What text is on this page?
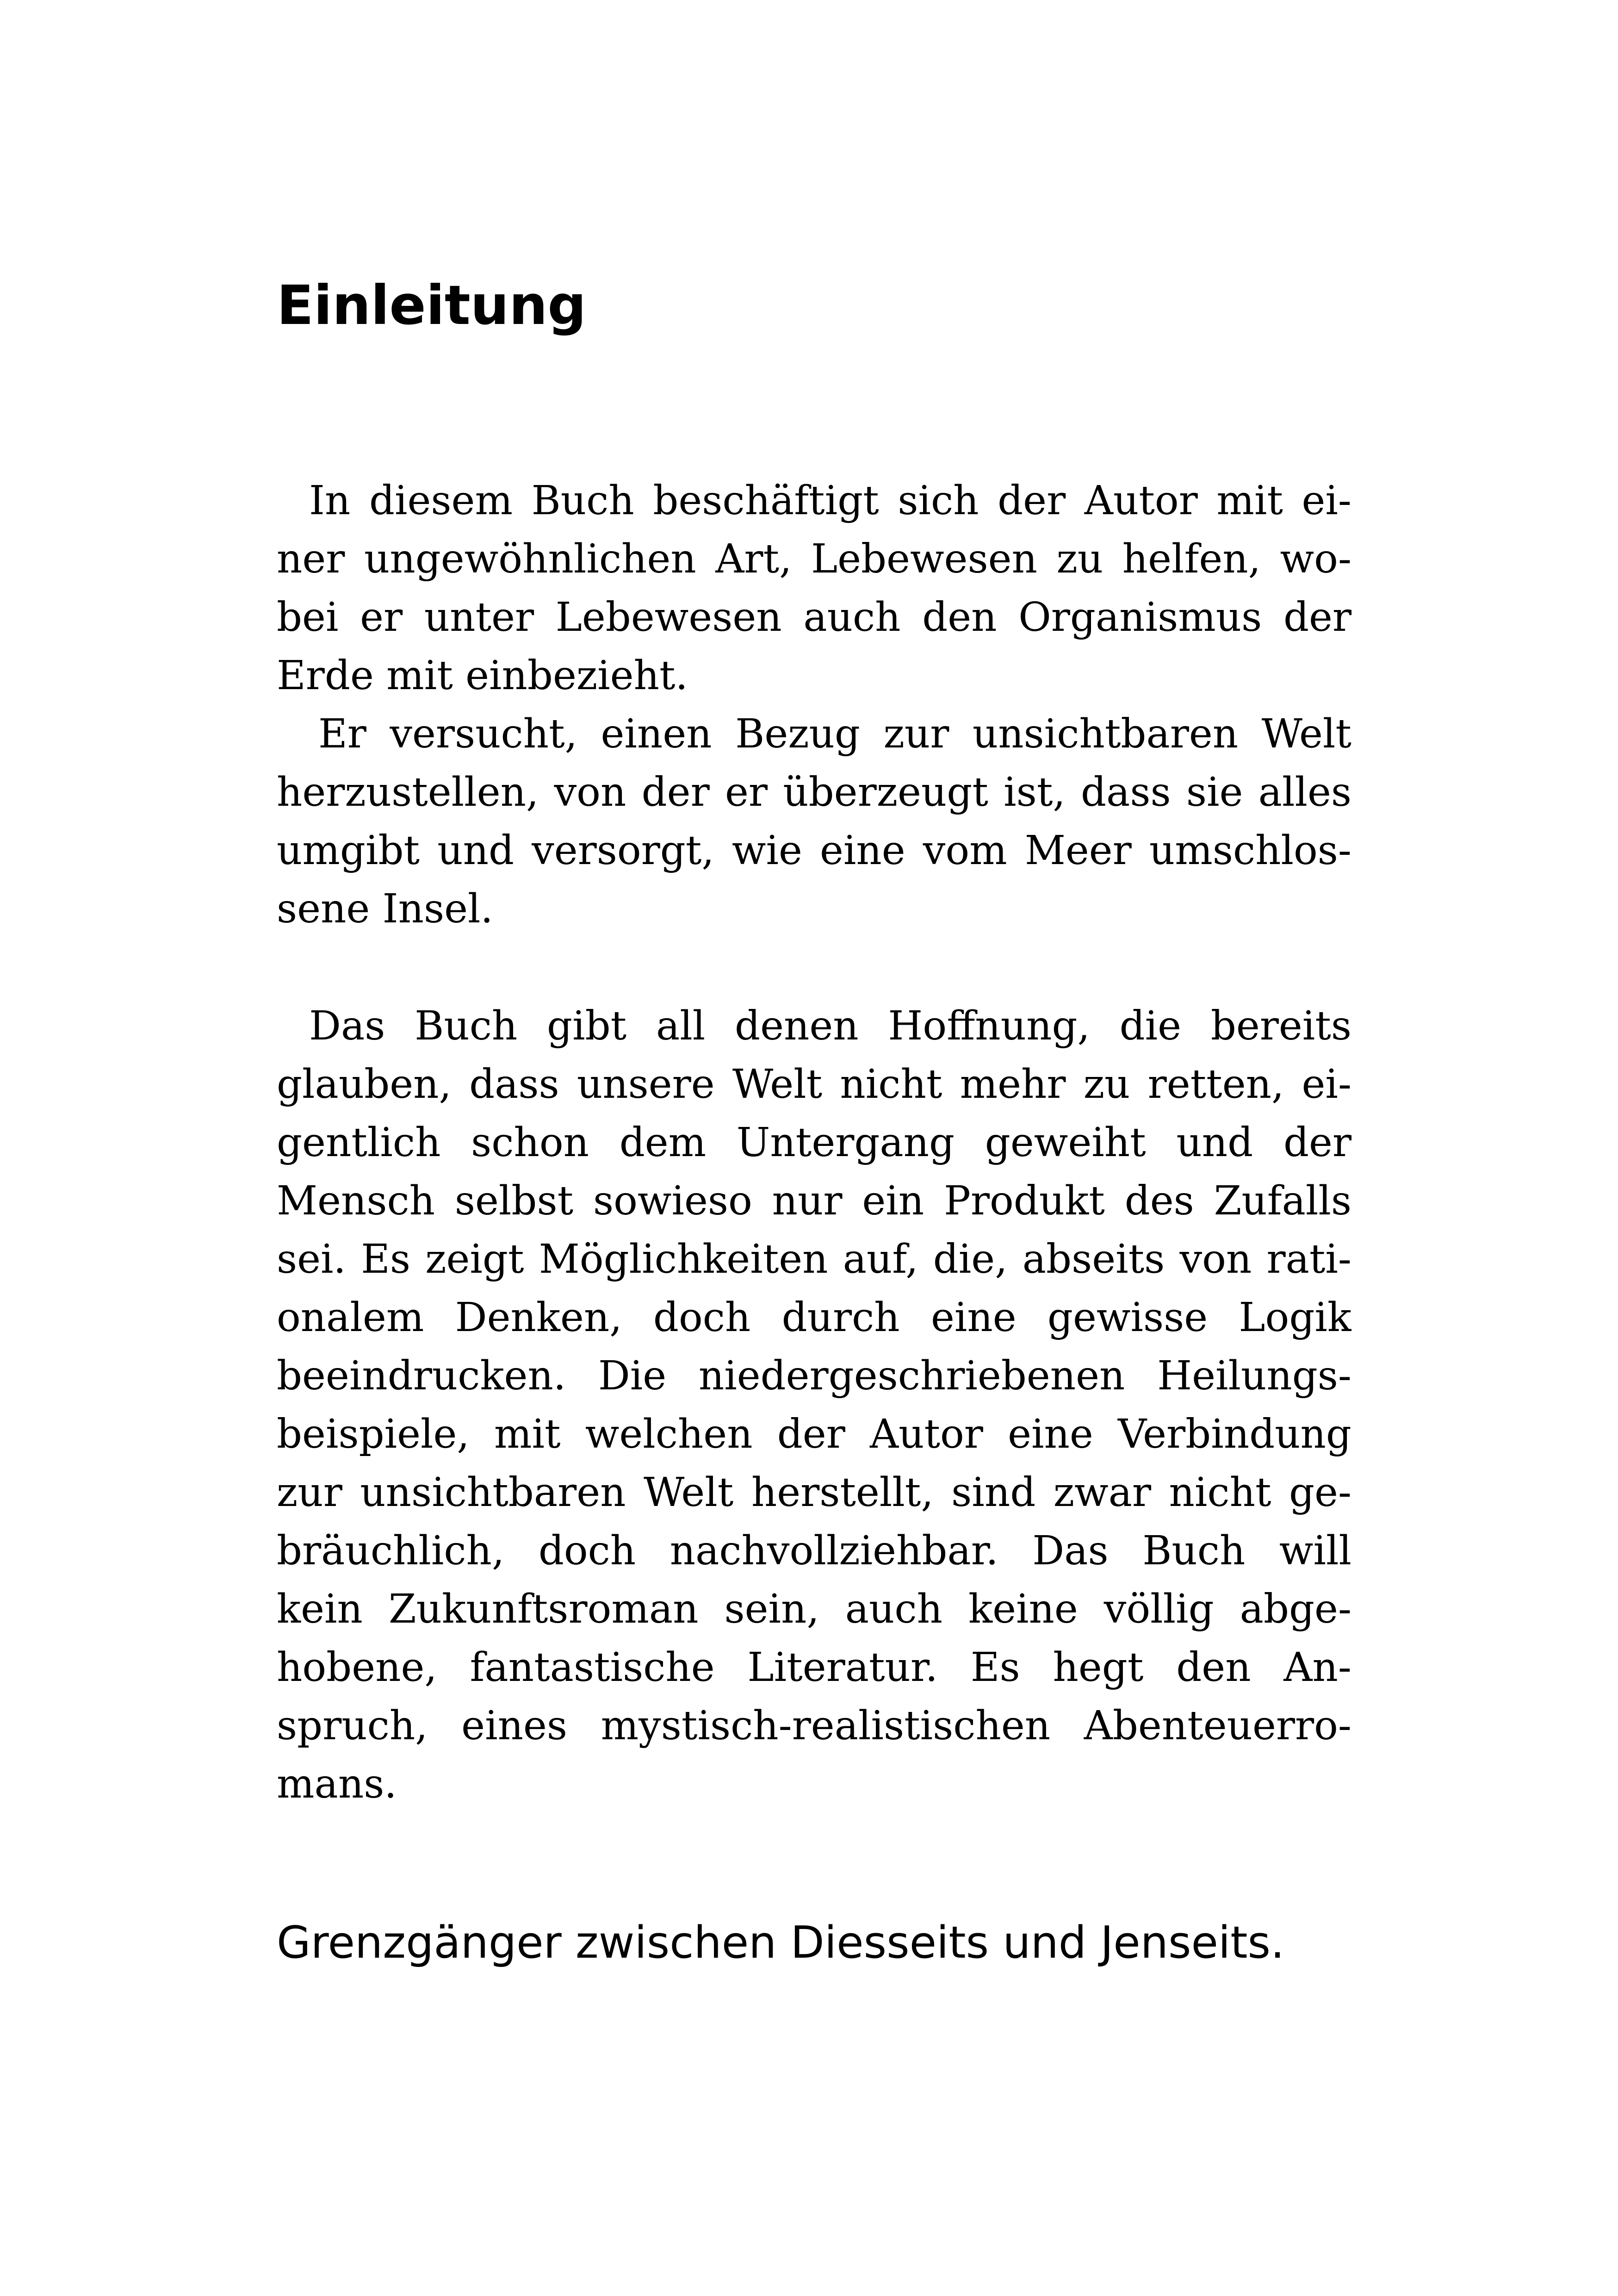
Einleitung

In diesem Buch beschäftigt sich der Autor mit ei-

ner ungewöhnlichen Art, Lebewesen zu helfen, wo-

bei er unter Lebewesen auch den Organismus der

Erde mit einbezieht.

Er versucht, einen Bezug zur unsichtbaren Welt

herzustellen, von der er überzeugt ist, dass sie alles

umgibt und versorgt, wie eine vom Meer umschlos-

sene Insel.

Das Buch gibt all denen Hoffnung, die bereits

glauben, dass unsere Welt nicht mehr zu retten, ei-

gentlich schon dem Untergang geweiht und der

Mensch selbst sowieso nur ein Produkt des Zufalls

sei. Es zeigt Möglichkeiten auf, die, abseits von rati-

onalem Denken, doch durch eine gewisse Logik

beeindrucken. Die niedergeschriebenen Heilungs-

beispiele, mit welchen der Autor eine Verbindung

zur unsichtbaren Welt herstellt, sind zwar nicht ge-

bräuchlich, doch nachvollziehbar. Das Buch will

kein Zukunftsroman sein, auch keine völlig abge-

hobene, fantastische Literatur. Es hegt den An-

spruch, eines mystisch-realistischen Abenteuerro-

mans.

Grenzgänger zwischen Diesseits und Jenseits.
